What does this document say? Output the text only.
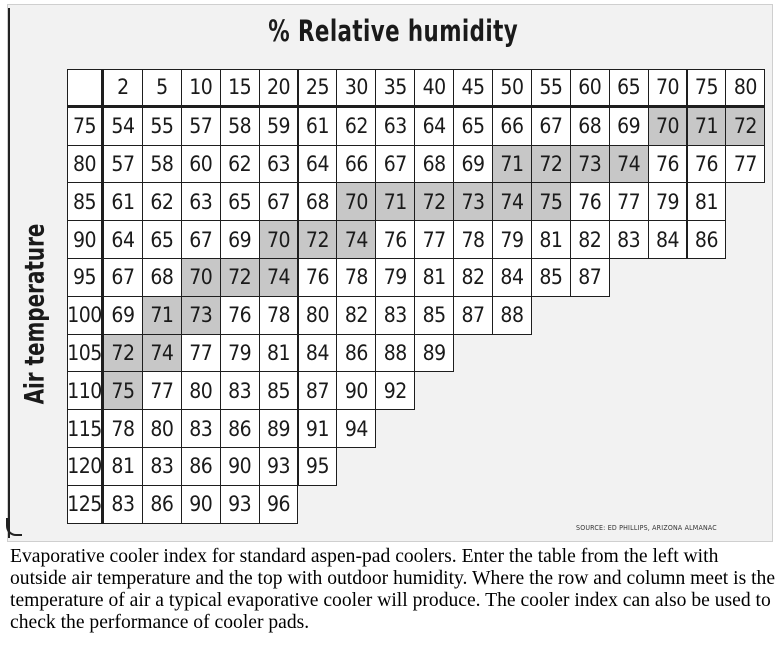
% Relative humidity
Air temperature
2	5	10 15 20 25 30 35 40 45 50 55 60 65 70 75 80
75 54 55 57 58 59 61 62 63 64 65 66 67 68 69 70 71 72
80 57 58 60 62 63 64 66 67 68 69 71 72 73 74 76 76 77
85 61 62 63 65 67 68 70 71 72 73 74 75 76 77 79 81
90 64 65 67 69 70 72 74 76 77 78 79 81 82 83 84 86
95 67 68 70 72 74 76 78 79 81 82 84 85 87
100 69 71 73 76 78 80 82 83 85 87 88
105 72 74 77 79 81 84 86 88 89
110 75 77 80 83 85 87 90 92
115 78 80 83 86 89 91 94
120 81 83 86 90 93 95
125 83 86 90 93 96
SOURCE: ED PHILLIPS, ARIZONA ALMANAC
Evaporative cooler index for standard aspen-pad coolers. Enter the table from the left with outside air temperature and the top with outdoor humidity. Where the row and column meet is the temperature of air a typical evaporative cooler will produce. The cooler index can also be used to check the performance of cooler pads.
